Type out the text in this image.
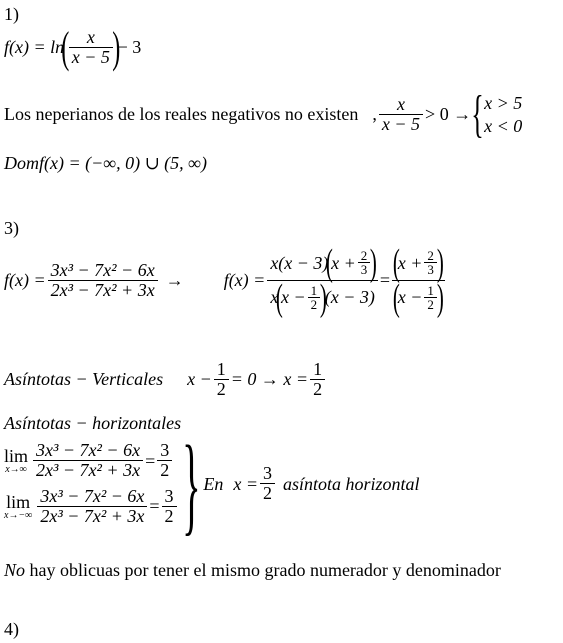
1)
f(x) = ln
( $\frac{x}{x - 5}$ )
− 3
Los neperianos de los reales negativos no existen , $\frac{x}{x - 5} > 0$ → { x > 5
x < 0
Domf(x) = (−∞, 0) ∪ (5, ∞)
3)
$f(x) = \frac{\text{3x³ − 7x² − 6x}}{\text{2x³ − 7x² + 3x}} \to f(x) = x(x - 3)$
(
$x + \frac{2}{3}$ )
x
(
$x - \frac{1}{2}$ )
(x − 3) = (
$x + \frac{2}{3}$ )
(
$x - \frac{1}{2}$ )
Asíntotas − Verticales $x - \frac{1}{2} = 0 \to x = \frac{1}{2}$
Asíntotas − horizontales
lim
$x\to\infty \frac{\text{3x³ − 7x² − 6x}}{\text{2x³ − 7x² + 3x}} = \frac{3}{2}$
lim
$x\to-\infty \frac{\text{3x³ − 7x² − 6x}}{\text{2x³ − 7x² + 3x}} = \frac{3}{2}$ } En $x = \frac{3}{2}$ asíntota horizontal
No hay oblicuas por tener el mismo grado numerador y denominador
4)
